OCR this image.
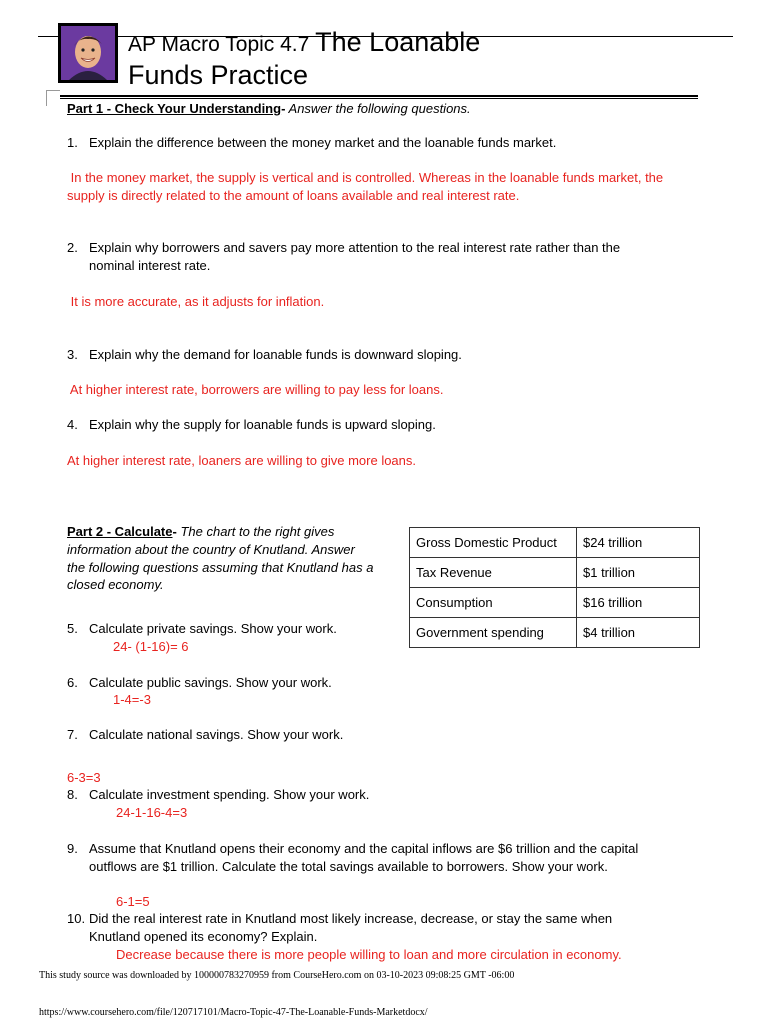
AP Macro Topic 4.7 The Loanable
Funds Practice
Part 1 - Check Your Understanding- Answer the following questions.
1. Explain the difference between the money market and the loanable funds market.
In the money market, the supply is vertical and is controlled. Whereas in the loanable funds market, the
supply is directly related to the amount of loans available and real interest rate.
2. Explain why borrowers and savers pay more attention to the real interest rate rather than the
nominal interest rate.
It is more accurate, as it adjusts for inflation.
3. Explain why the demand for loanable funds is downward sloping.
At higher interest rate, borrowers are willing to pay less for loans.
4. Explain why the supply for loanable funds is upward sloping.
At higher interest rate, loaners are willing to give more loans.
Part 2 - Calculate- The chart to the right gives
information about the country of Knutland. Answer
the following questions assuming that Knutland has a
closed economy.
Gross Domestic Product	$24 trillion
Tax Revenue	$1 trillion
Consumption	$16 trillion
Government spending	$4 trillion
5. Calculate private savings. Show your work.
24- (1-16)= 6
6. Calculate public savings. Show your work.
1-4=-3
7. Calculate national savings. Show your work.
6-3=3
8. Calculate investment spending. Show your work.
24-1-16-4=3
9. Assume that Knutland opens their economy and the capital inflows are $6 trillion and the capital
outflows are $1 trillion. Calculate the total savings available to borrowers. Show your work.
6-1=5
10. Did the real interest rate in Knutland most likely increase, decrease, or stay the same when
Knutland opened its economy? Explain.
Decrease because there is more people willing to loan and more circulation in economy.
This study source was downloaded by 100000783270959 from CourseHero.com on 03-10-2023 09:08:25 GMT -06:00
https://www.coursehero.com/file/120717101/Macro-Topic-47-The-Loanable-Funds-Marketdocx/
